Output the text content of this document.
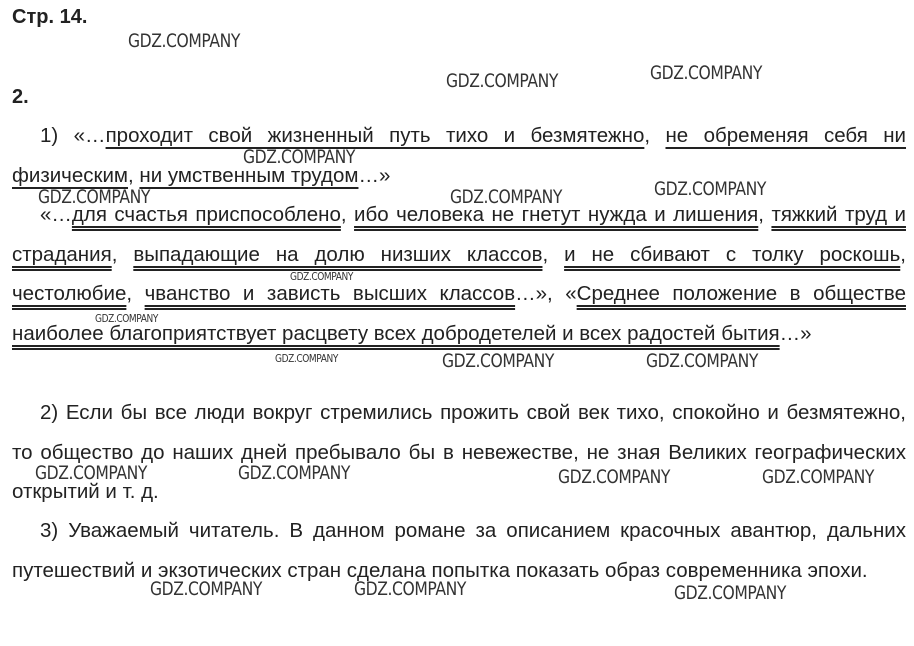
Стр. 14.
2.
1) «…проходит свой жизненный путь тихо и безмятежно, не обременяя себя ни физическим, ни умственным трудом…»
«…для счастья приспособлено, ибо человека не гнетут нужда и лишения, тяжкий труд и страдания, выпадающие на долю низших классов, и не сбивают с толку роскошь, честолюбие, чванство и зависть высших классов…», «Среднее положение в обществе наиболее благоприятствует расцвету всех добродетелей и всех радостей бытия…»
2) Если бы все люди вокруг стремились прожить свой век тихо, спокойно и безмятежно, то общество до наших дней пребывало бы в невежестве, не зная Великих географических открытий и т. д.
3) Уважаемый читатель. В данном романе за описанием красочных авантюр, дальних путешествий и экзотических стран сделана попытка показать образ современника эпохи.
GDZ.COMPANY
GDZ.COMPANY	GDZ.COMPANY
GDZ.COMPANY
GDZ.COMPANY	GDZ.COMPANY	GDZ.COMPANY
GDZ.COMPANY
GDZ.COMPANY
GDZ.COMPANY	GDZ.COMPANY	GDZ.COMPANY
GDZ.COMPANY	GDZ.COMPANY	GDZ.COMPANY	GDZ.COMPANY
GDZ.COMPANY	GDZ.COMPANY	GDZ.COMPANY
